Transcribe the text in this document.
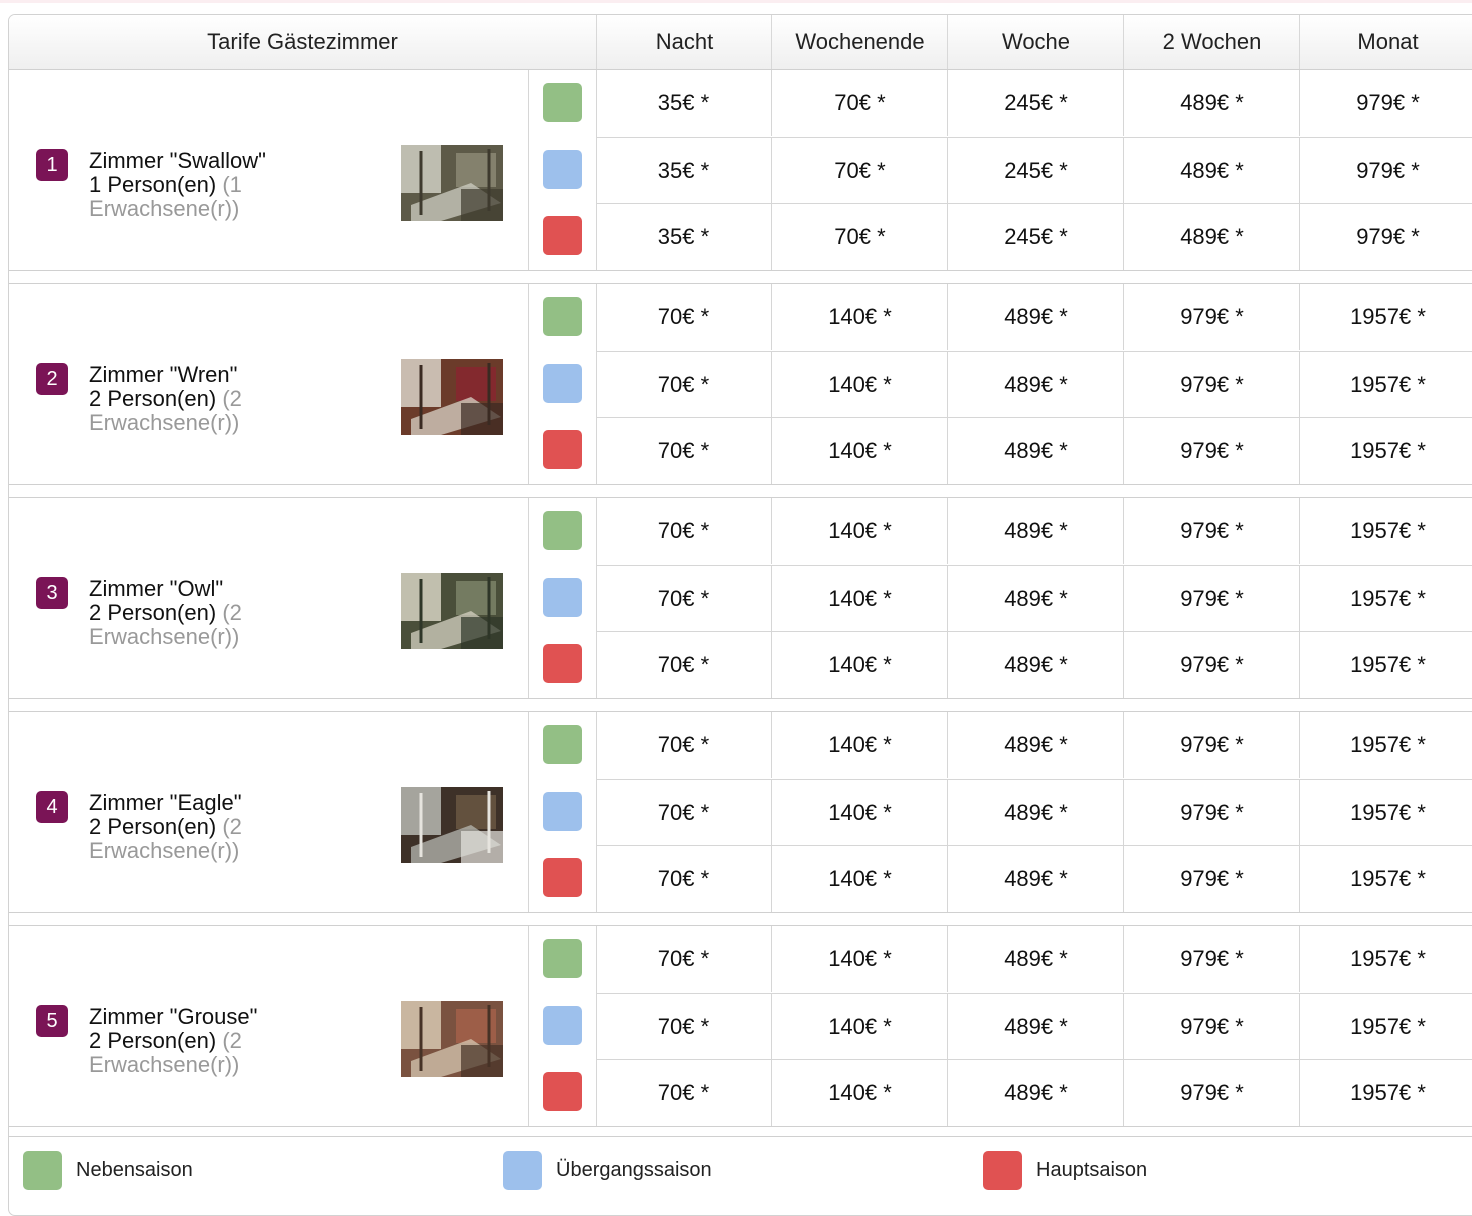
Tarife Gästezimmer	Nacht	Wochenende	Woche	2 Wochen	Monat
1	Zimmer "Swallow"
1 Person(en) (1 Erwachsene(r))
35€ *	70€ *	245€ *	489€ *	979€ *
35€ *	70€ *	245€ *	489€ *	979€ *
35€ *	70€ *	245€ *	489€ *	979€ *
2	Zimmer "Wren"
2 Person(en) (2 Erwachsene(r))
70€ *	140€ *	489€ *	979€ *	1957€ *
70€ *	140€ *	489€ *	979€ *	1957€ *
70€ *	140€ *	489€ *	979€ *	1957€ *
3	Zimmer "Owl"
2 Person(en) (2 Erwachsene(r))
70€ *	140€ *	489€ *	979€ *	1957€ *
70€ *	140€ *	489€ *	979€ *	1957€ *
70€ *	140€ *	489€ *	979€ *	1957€ *
4	Zimmer "Eagle"
2 Person(en) (2 Erwachsene(r))
70€ *	140€ *	489€ *	979€ *	1957€ *
70€ *	140€ *	489€ *	979€ *	1957€ *
70€ *	140€ *	489€ *	979€ *	1957€ *
5	Zimmer "Grouse"
2 Person(en) (2 Erwachsene(r))
70€ *	140€ *	489€ *	979€ *	1957€ *
70€ *	140€ *	489€ *	979€ *	1957€ *
70€ *	140€ *	489€ *	979€ *	1957€ *
Nebensaison	Übergangssaison	Hauptsaison
